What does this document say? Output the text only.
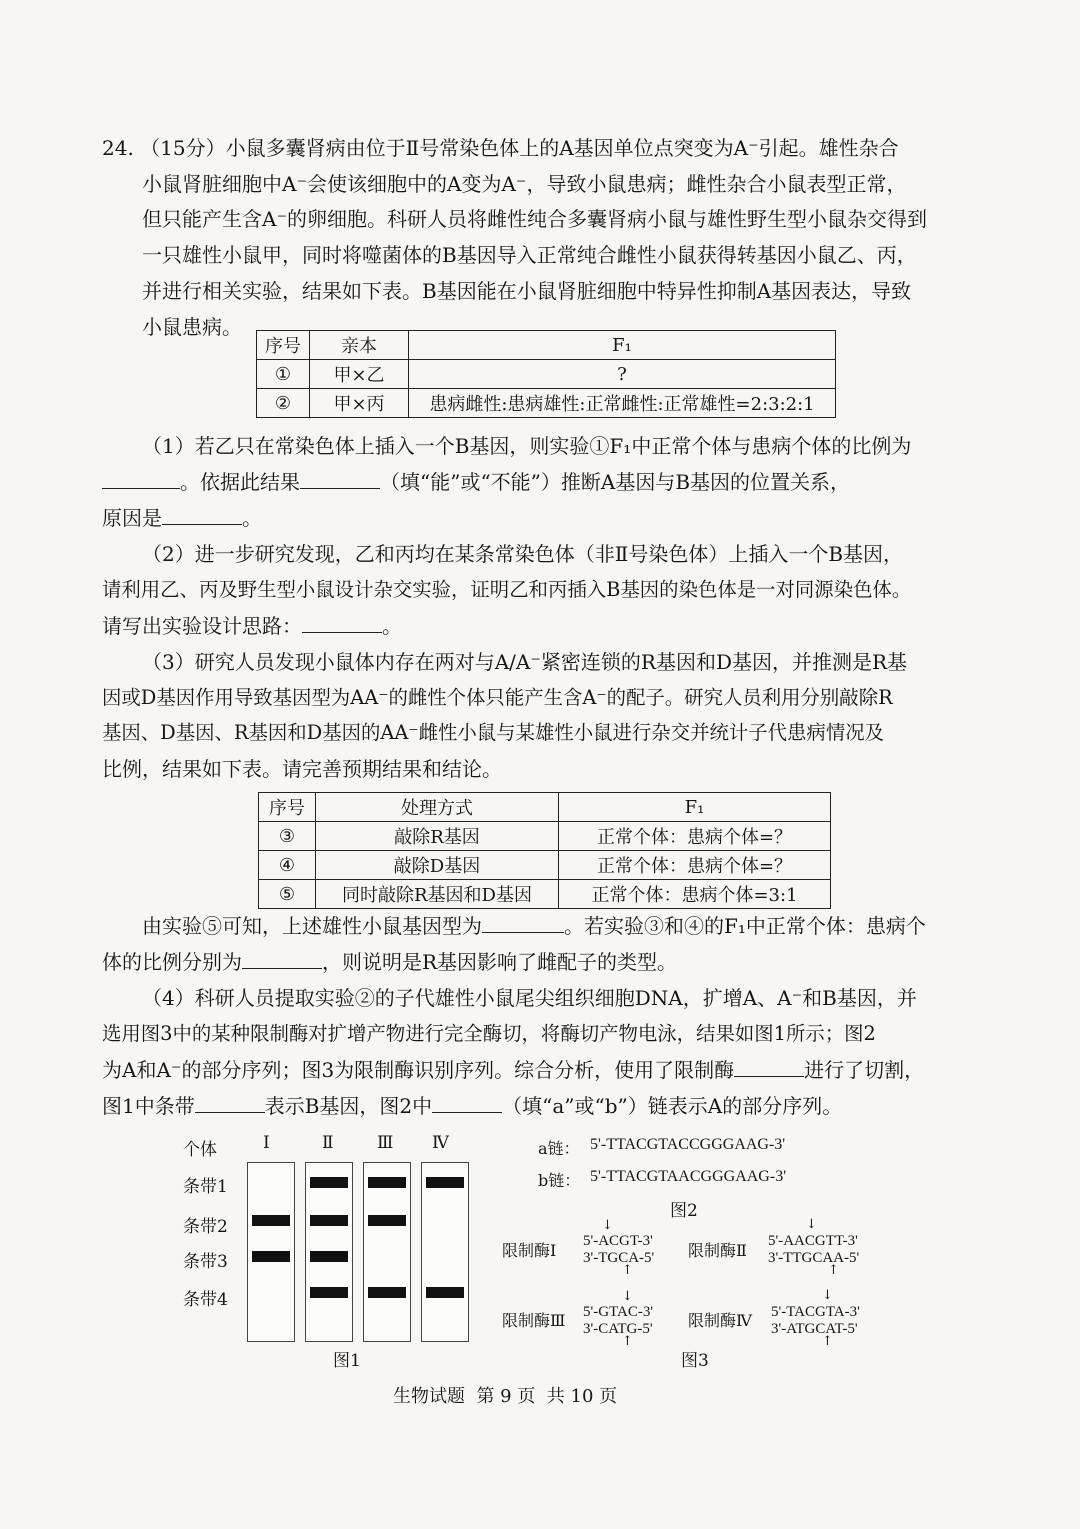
24. （15分）小鼠多囊肾病由位于Ⅱ号常染色体上的A基因单位点突变为A⁻引起。雄性杂合
小鼠肾脏细胞中A⁻会使该细胞中的A变为A⁻，导致小鼠患病；雌性杂合小鼠表型正常，
但只能产生含A⁻的卵细胞。科研人员将雌性纯合多囊肾病小鼠与雄性野生型小鼠杂交得到
一只雄性小鼠甲，同时将噬菌体的B基因导入正常纯合雌性小鼠获得转基因小鼠乙、丙，
并进行相关实验，结果如下表。B基因能在小鼠肾脏细胞中特异性抑制A基因表达，导致
小鼠患病。
序号	亲本	F₁
①	甲×乙	?
②	甲×丙	患病雌性:患病雄性:正常雌性:正常雄性=2:3:2:1
（1）若乙只在常染色体上插入一个B基因，则实验①F₁中正常个体与患病个体的比例为
。依据此结果	（填“能”或“不能”）推断A基因与B基因的位置关系，
原因是	。
（2）进一步研究发现，乙和丙均在某条常染色体（非Ⅱ号染色体）上插入一个B基因，
请利用乙、丙及野生型小鼠设计杂交实验，证明乙和丙插入B基因的染色体是一对同源染色体。
请写出实验设计思路：	。
（3）研究人员发现小鼠体内存在两对与A/A⁻紧密连锁的R基因和D基因，并推测是R基
因或D基因作用导致基因型为AA⁻的雌性个体只能产生含A⁻的配子。研究人员利用分别敲除R
基因、D基因、R基因和D基因的AA⁻雌性小鼠与某雄性小鼠进行杂交并统计子代患病情况及
比例，结果如下表。请完善预期结果和结论。
序号	处理方式	F₁
③	敲除R基因	正常个体：患病个体=？
④	敲除D基因	正常个体：患病个体=？
⑤	同时敲除R基因和D基因	正常个体：患病个体=3:1
由实验⑤可知，上述雄性小鼠基因型为	。若实验③和④的F₁中正常个体：患病个
体的比例分别为	，则说明是R基因影响了雌配子的类型。
（4）科研人员提取实验②的子代雄性小鼠尾尖组织细胞DNA，扩增A、A⁻和B基因，并
选用图3中的某种限制酶对扩增产物进行完全酶切，将酶切产物电泳，结果如图1所示；图2
为A和A⁻的部分序列；图3为限制酶识别序列。综合分析，使用了限制酶	进行了切割，
图1中条带	表示B基因，图2中	（填“a”或“b”）链表示A的部分序列。
个体	Ⅰ	Ⅱ	Ⅲ Ⅳ
条带1
条带2
条带3
条带4
图1
a链： 5'-TTACGTACCGGGAAG-3'
b链： 5'-TTACGTAACGGGAAG-3'
图2
限制酶Ⅰ
↓
5'-ACGT-3'
3'-TGCA-5'
↑
限制酶Ⅱ
↓
5'-AACGTT-3'
3'-TTGCAA-5'
↑
限制酶Ⅲ
↓
5'-GTAC-3'
3'-CATG-5'
↑
限制酶Ⅳ
↓
5'-TACGTA-3'
3'-ATGCAT-5'
↑
图3
生物试题  第 9 页  共 10 页
